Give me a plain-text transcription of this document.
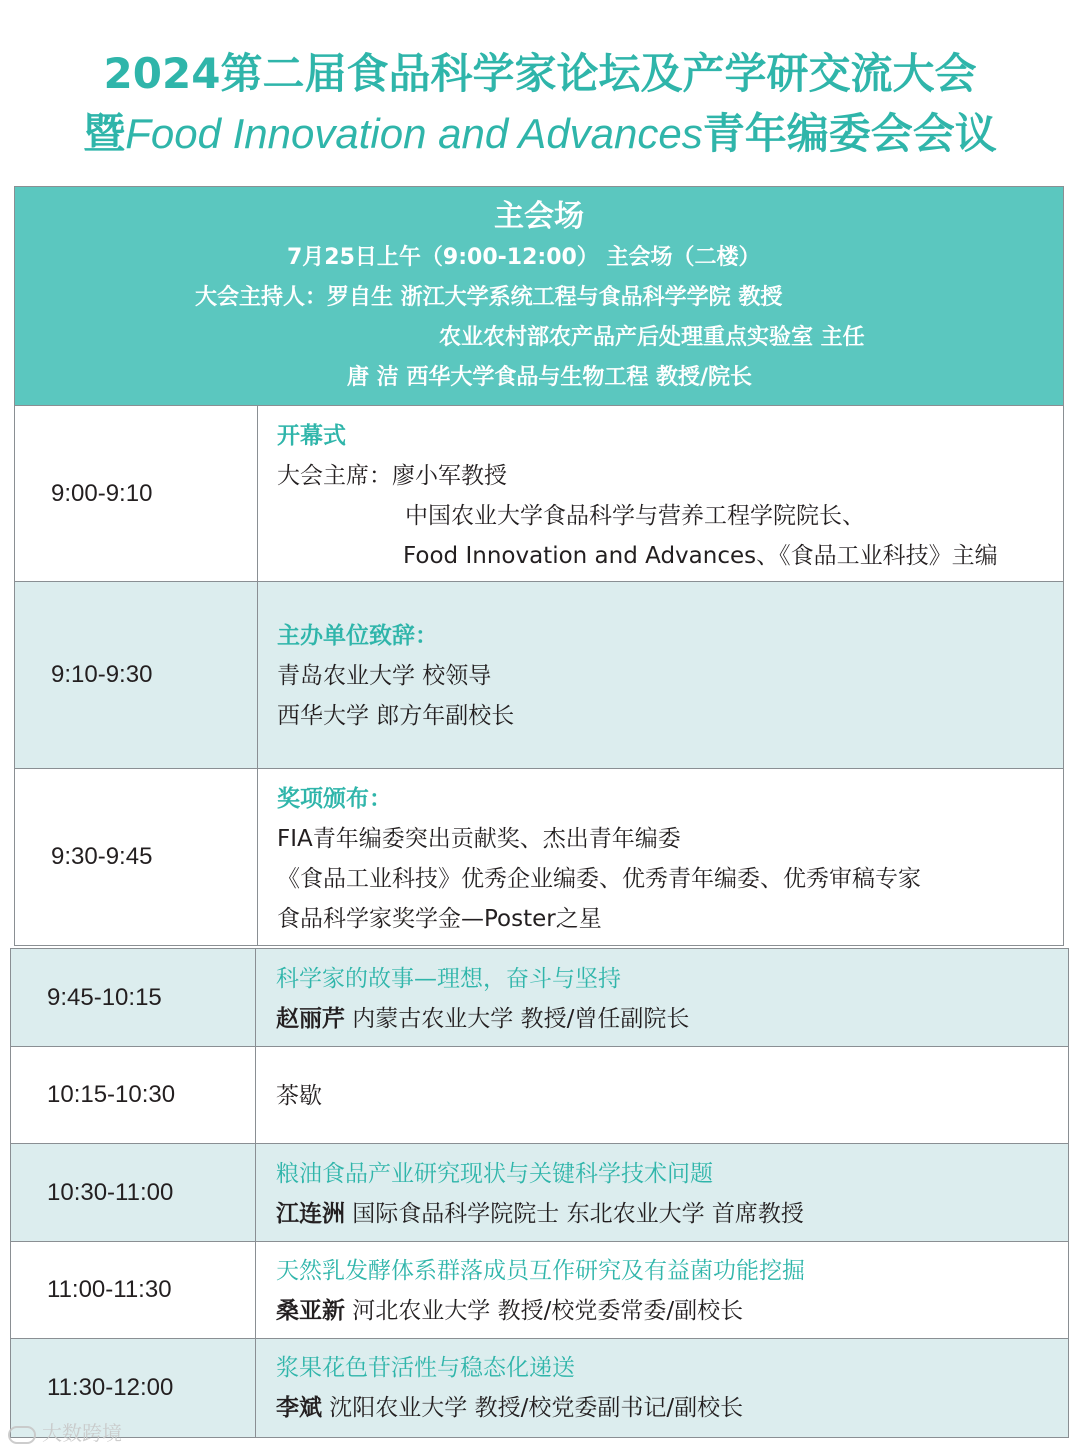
2024第二届食品科学家论坛及产学研交流大会
暨Food Innovation and Advances青年编委会会议
主会场
7月25日上午（9:00-12:00） 主会场（二楼）
大会主持人：罗自生 浙江大学系统工程与食品科学学院 教授
农业农村部农产品产后处理重点实验室 主任
唐 洁 西华大学食品与生物工程 教授/院长
9:00-9:10
开幕式
大会主席：廖小军教授
中国农业大学食品科学与营养工程学院院长、
Food Innovation and Advances、《食品工业科技》主编
9:10-9:30
主办单位致辞：
青岛农业大学 校领导
西华大学 郎方年副校长
9:30-9:45
奖项颁布：
FIA青年编委突出贡献奖、杰出青年编委
《食品工业科技》优秀企业编委、优秀青年编委、优秀审稿专家
食品科学家奖学金—Poster之星
9:45-10:15
科学家的故事—理想，奋斗与坚持
赵丽芹 内蒙古农业大学 教授/曾任副院长
10:15-10:30	茶歇
10:30-11:00
粮油食品产业研究现状与关键科学技术问题
江连洲 国际食品科学院院士 东北农业大学 首席教授
11:00-11:30
天然乳发酵体系群落成员互作研究及有益菌功能挖掘
桑亚新 河北农业大学 教授/校党委常委/副校长
11:30-12:00
浆果花色苷活性与稳态化递送
李斌 沈阳农业大学 教授/校党委副书记/副校长
大数跨境
